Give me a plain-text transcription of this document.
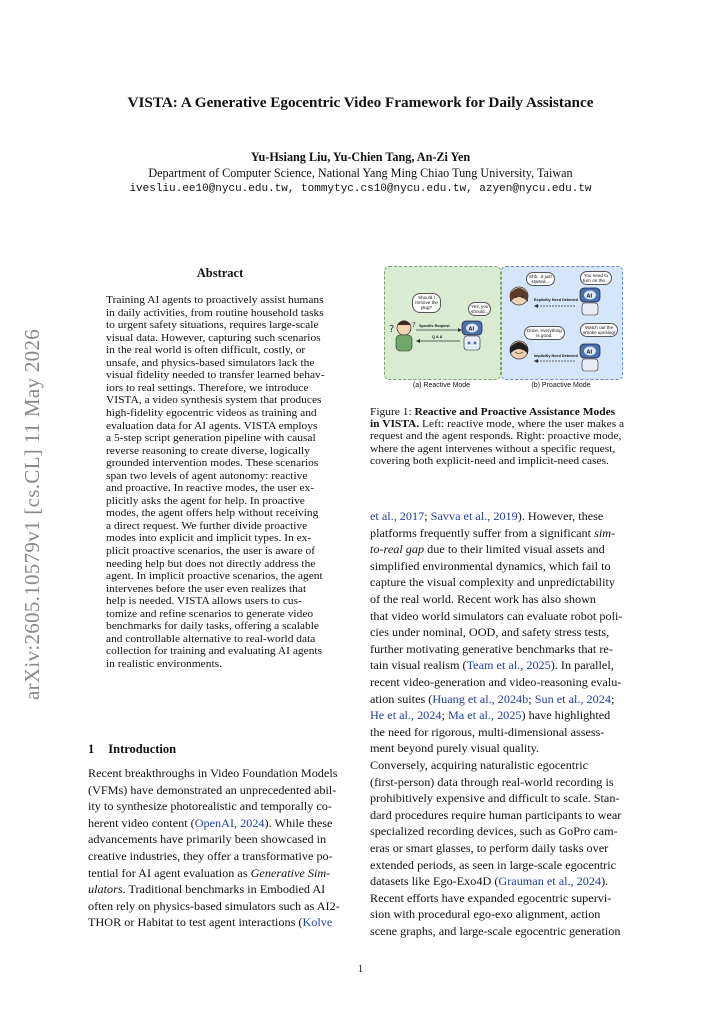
arXiv:2605.10579v1 [cs.CL] 11 May 2026
VISTA: A Generative Egocentric Video Framework for Daily Assistance
Yu-Hsiang Liu, Yu-Chien Tang, An-Zi Yen
Department of Computer Science, National Yang Ming Chiao Tung University, Taiwan
ivesliu.ee10@nycu.edu.tw, tommytyc.cs10@nycu.edu.tw, azyen@nycu.edu.tw
Abstract
Training AI agents to proactively assist humans
in daily activities, from routine household tasks
to urgent safety situations, requires large-scale
visual data. However, capturing such scenarios
in the real world is often difficult, costly, or
unsafe, and physics-based simulators lack the
visual fidelity needed to transfer learned behav-
iors to real settings. Therefore, we introduce
VISTA, a video synthesis system that produces
high-fidelity egocentric videos as training and
evaluation data for AI agents. VISTA employs
a 5-step script generation pipeline with causal
reverse reasoning to create diverse, logically
grounded intervention modes. These scenarios
span two levels of agent autonomy: reactive
and proactive. In reactive modes, the user ex-
plicitly asks the agent for help. In proactive
modes, the agent offers help without receiving
a direct request. We further divide proactive
modes into explicit and implicit types. In ex-
plicit proactive scenarios, the user is aware of
needing help but does not directly address the
agent. In implicit proactive scenarios, the agent
intervenes before the user even realizes that
help is needed. VISTA allows users to cus-
tomize and refine scenarios to generate video
benchmarks for daily tasks, offering a scalable
and controllable alternative to real-world data
collection for training and evaluating AI agents
in realistic environments.
1 Introduction
Recent breakthroughs in Video Foundation Models
(VFMs) have demonstrated an unprecedented abil-
ity to synthesize photorealistic and temporally co-
herent video content (OpenAI, 2024). While these
advancements have primarily been showcased in
creative industries, they offer a transformative po-
tential for AI agent evaluation as Generative Sim-
ulators. Traditional benchmarks in Embodied AI
often rely on physics-based simulators such as AI2-
THOR or Habitat to test agent interactions (Kolve
?	?
AI
AI
AI
Should I
remove the
plug?	Yes, you
should...
Specific Request
Q & A
Shh...it just
started...
You need to
turn on the...
Explicitly Need Detected
Done, everything
is good.
Watch out the
smoke uprising!
Implicitly Need Detected
(a) Reactive Mode	(b) Proactive Mode
Figure 1: Reactive and Proactive Assistance Modes
in VISTA. Left: reactive mode, where the user makes a
request and the agent responds. Right: proactive mode,
where the agent intervenes without a specific request,
covering both explicit-need and implicit-need cases.
et al., 2017; Savva et al., 2019). However, these
platforms frequently suffer from a significant sim-
to-real gap due to their limited visual assets and
simplified environmental dynamics, which fail to
capture the visual complexity and unpredictability
of the real world. Recent work has also shown
that video world simulators can evaluate robot poli-
cies under nominal, OOD, and safety stress tests,
further motivating generative benchmarks that re-
tain visual realism (Team et al., 2025). In parallel,
recent video-generation and video-reasoning evalu-
ation suites (Huang et al., 2024b; Sun et al., 2024;
He et al., 2024; Ma et al., 2025) have highlighted
the need for rigorous, multi-dimensional assess-
ment beyond purely visual quality.
Conversely, acquiring naturalistic egocentric
(first-person) data through real-world recording is
prohibitively expensive and difficult to scale. Stan-
dard procedures require human participants to wear
specialized recording devices, such as GoPro cam-
eras or smart glasses, to perform daily tasks over
extended periods, as seen in large-scale egocentric
datasets like Ego-Exo4D (Grauman et al., 2024).
Recent efforts have expanded egocentric supervi-
sion with procedural ego-exo alignment, action
scene graphs, and large-scale egocentric generation
1
